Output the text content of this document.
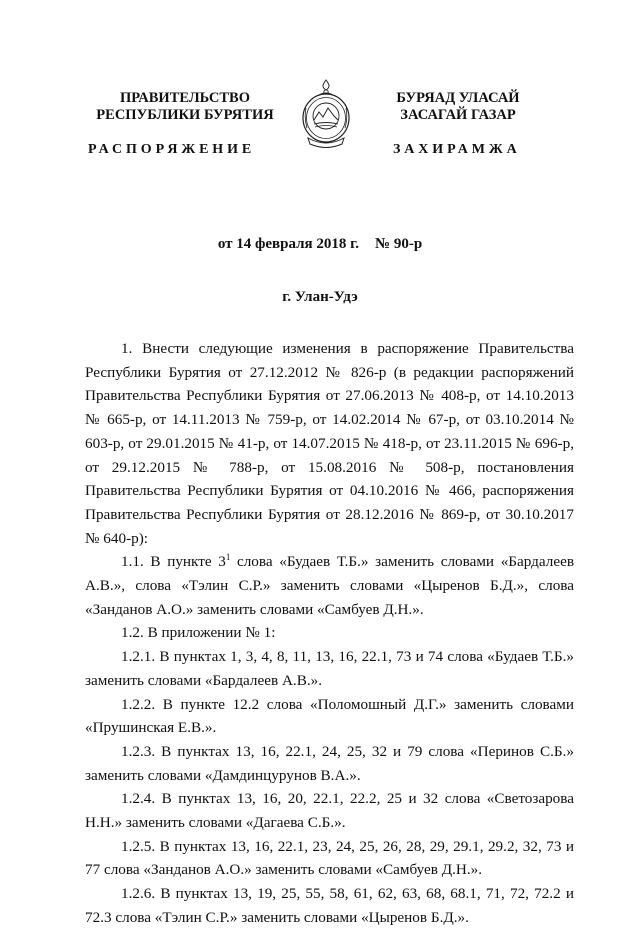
ПРАВИТЕЛЬСТВО
РЕСПУБЛИКИ БУРЯТИЯ
БУРЯАД УЛАСАЙ
ЗАСАГАЙ ГАЗАР
РАСПОРЯЖЕНИЕ	ЗАХИРАМЖА
от 14 февраля 2018 г. № 90-р
г. Улан-Удэ

1. Внести следующие изменения в распоряжение Правительства Республики Бурятия от 27.12.2012 № 826-р (в редакции распоряжений Правительства Республики Бурятия от 27.06.2013 № 408-р, от 14.10.2013 № 665-р, от 14.11.2013 № 759-р, от 14.02.2014 № 67-р, от 03.10.2014 № 603-р, от 29.01.2015 № 41-р, от 14.07.2015 № 418-р, от 23.11.2015 № 696-р, от 29.12.2015 № 788-р, от 15.08.2016 № 508-р, постановления Правительства Республики Бурятия от 04.10.2016 № 466, распоряжения Правительства Республики Бурятия от 28.12.2016 № 869-р, от 30.10.2017 № 640-р):

1.1. В пункте $3^1$ слова «Будаев Т.Б.» заменить словами «Бардалеев А.В.», слова «Тэлин С.Р.» заменить словами «Цыренов Б.Д.», слова «Занданов А.О.» заменить словами «Самбуев Д.Н.».

1.2. В приложении № 1:

1.2.1. В пунктах 1, 3, 4, 8, 11, 13, 16, 22.1, 73 и 74 слова «Будаев Т.Б.» заменить словами «Бардалеев А.В.».

1.2.2. В пункте 12.2 слова «Поломошный Д.Г.» заменить словами «Прушинская Е.В.».

1.2.3. В пунктах 13, 16, 22.1, 24, 25, 32 и 79 слова «Перинов С.Б.» заменить словами «Дамдинцурунов В.А.».

1.2.4. В пунктах 13, 16, 20, 22.1, 22.2, 25 и 32 слова «Светозарова Н.Н.» заменить словами «Дагаева С.Б.».

1.2.5. В пунктах 13, 16, 22.1, 23, 24, 25, 26, 28, 29, 29.1, 29.2, 32, 73 и 77 слова «Занданов А.О.» заменить словами «Самбуев Д.Н.».

1.2.6. В пунктах 13, 19, 25, 55, 58, 61, 62, 63, 68, 68.1, 71, 72, 72.2 и 72.3 слова «Тэлин С.Р.» заменить словами «Цыренов Б.Д.».
